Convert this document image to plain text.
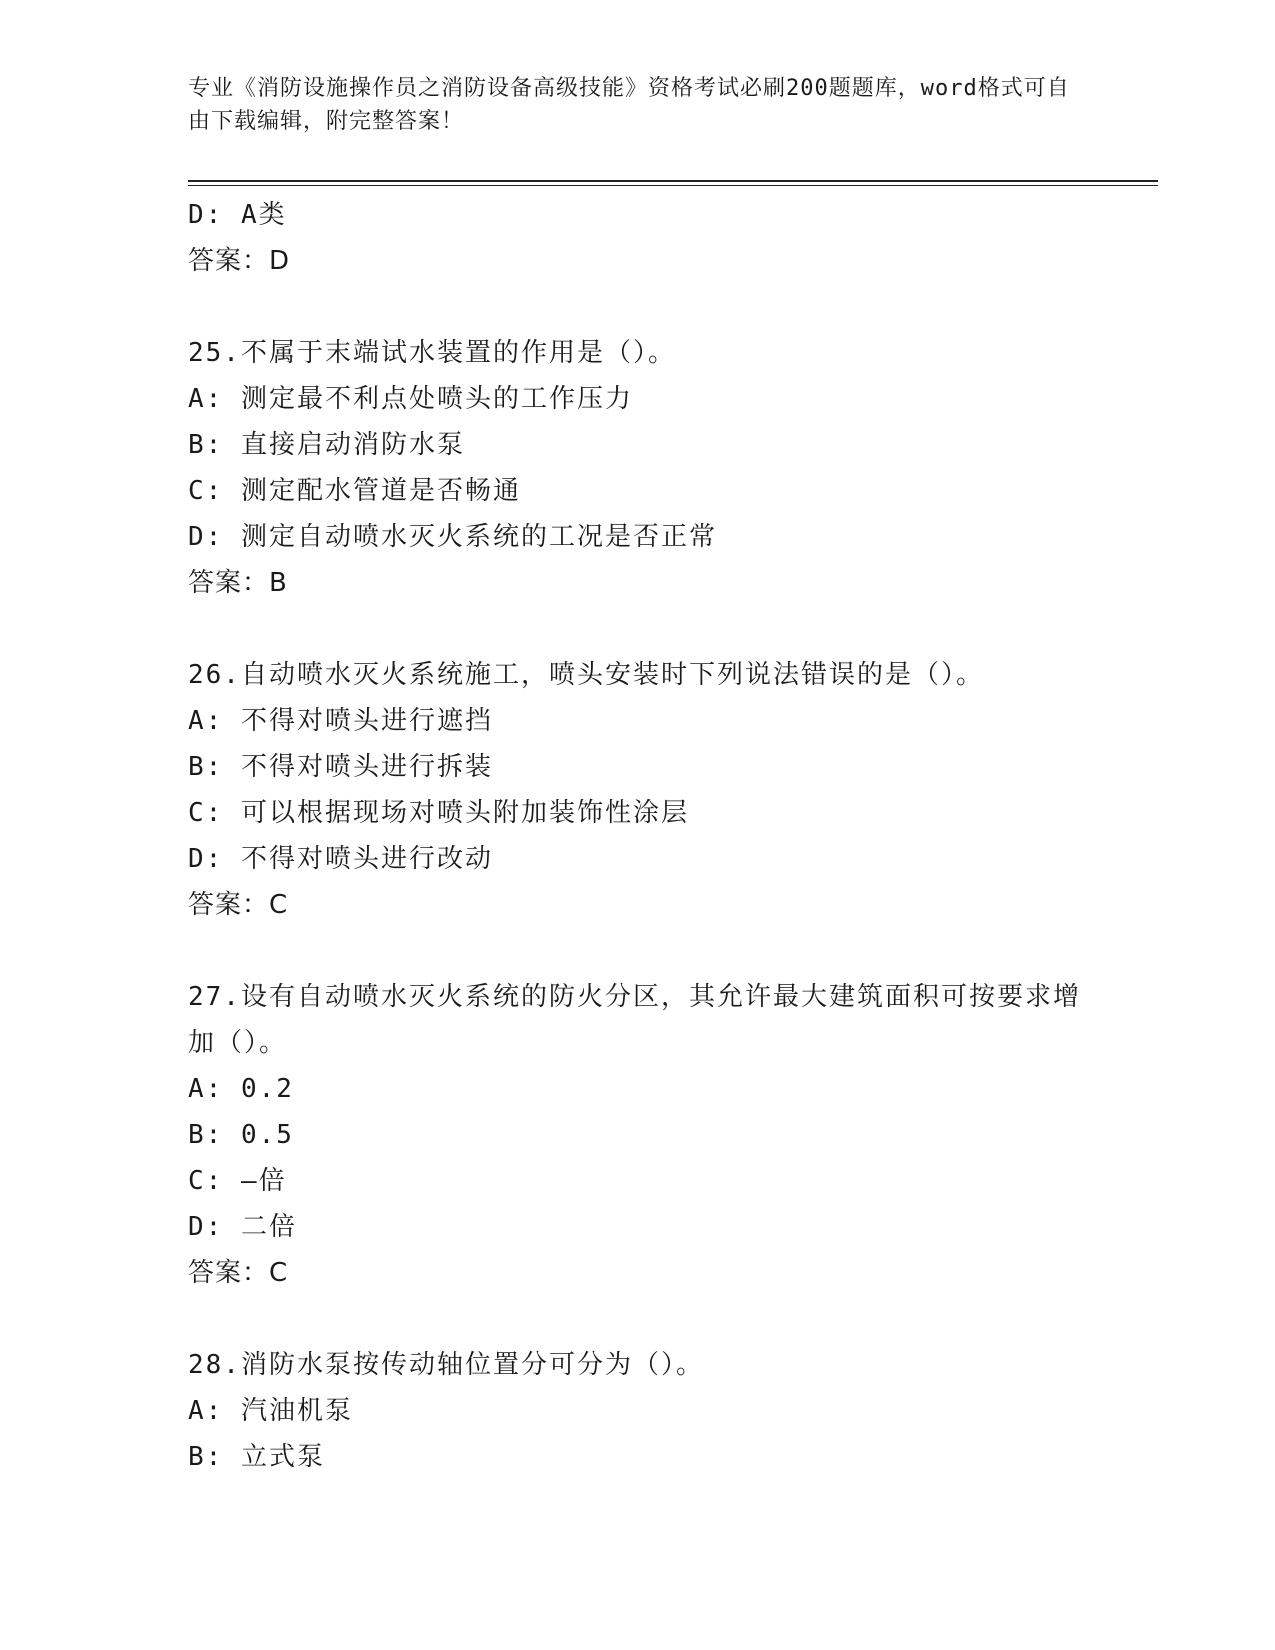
专业《消防设施操作员之消防设备高级技能》资格考试必刷200题题库，word格式可自由下载编辑，附完整答案！
D: A类
答案：D
25.不属于末端试水装置的作用是（）。
A: 测定最不利点处喷头的工作压力
B: 直接启动消防水泵
C: 测定配水管道是否畅通
D: 测定自动喷水灭火系统的工况是否正常
答案：B
26.自动喷水灭火系统施工，喷头安装时下列说法错误的是（）。
A: 不得对喷头进行遮挡
B: 不得对喷头进行拆装
C: 可以根据现场对喷头附加装饰性涂层
D: 不得对喷头进行改动
答案：C
27.设有自动喷水灭火系统的防火分区，其允许最大建筑面积可按要求增加（）。
A: 0.2
B: 0.5
C: —倍
D: 二倍
答案：C
28.消防水泵按传动轴位置分可分为（）。
A: 汽油机泵
B: 立式泵
